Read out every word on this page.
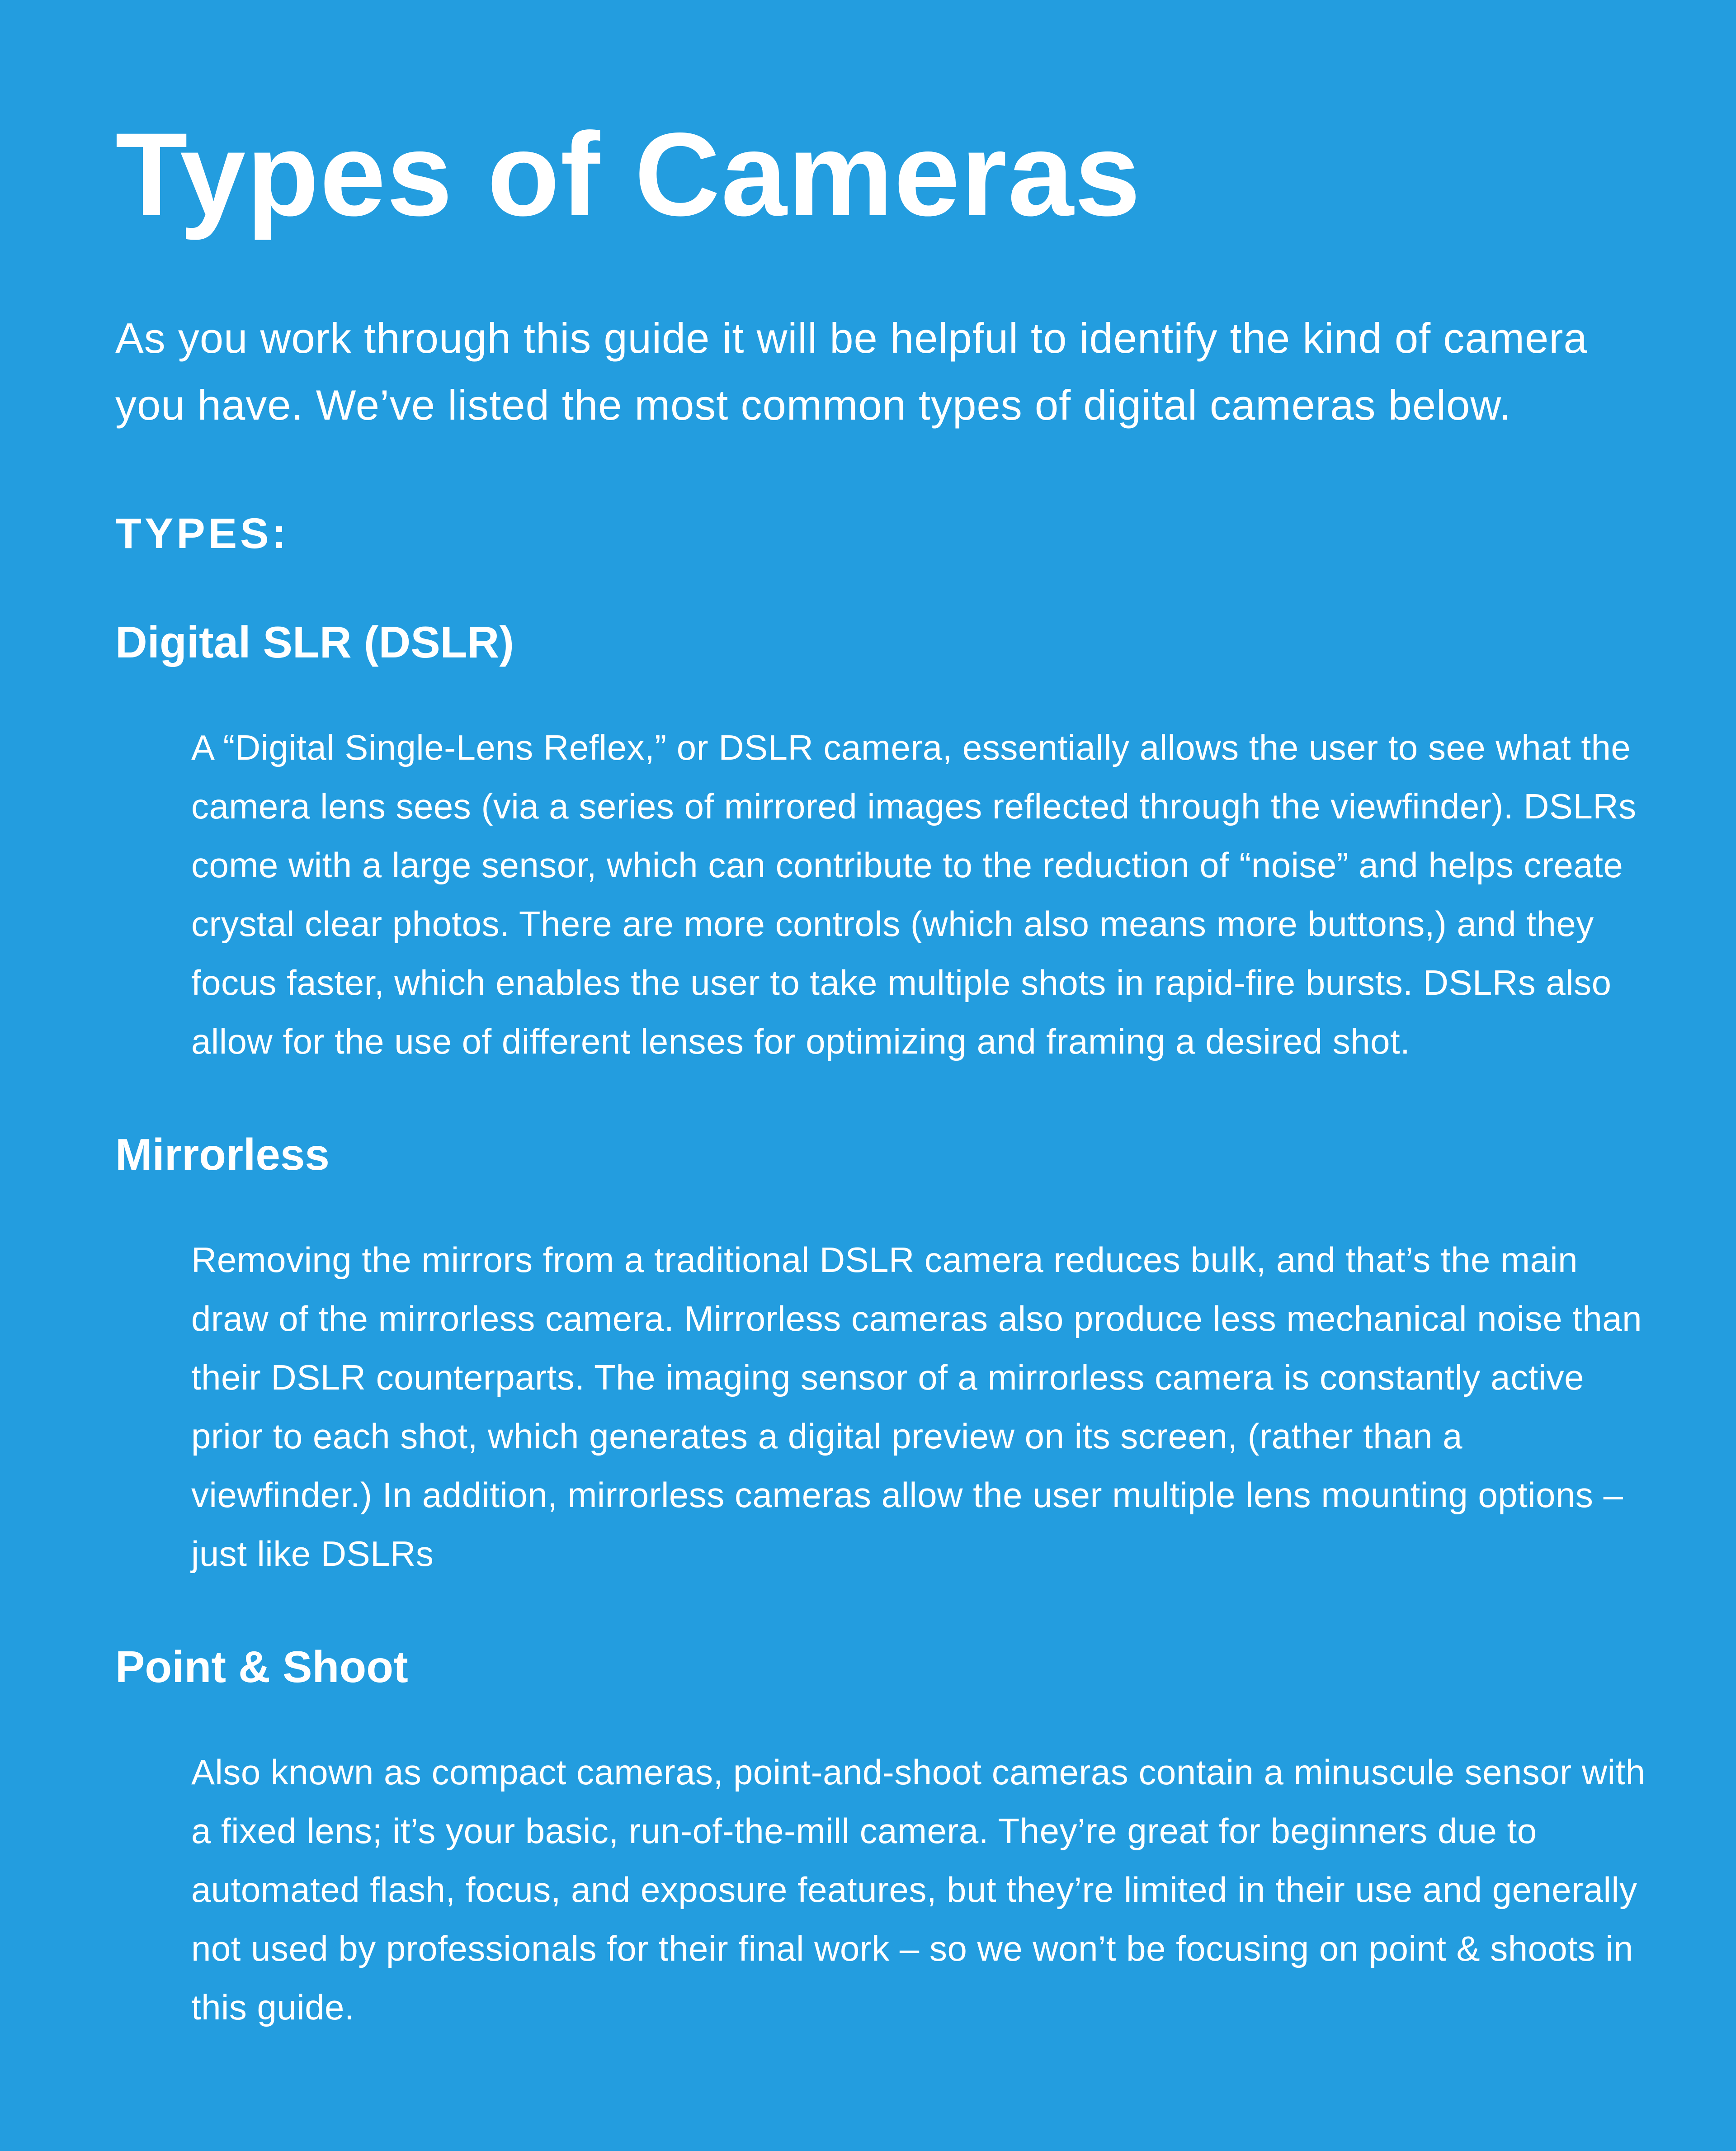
Types of Cameras

As you work through this guide it will be helpful to identify the kind of camera you have. We’ve listed the most common types of digital cameras below.

TYPES:
Digital SLR (DSLR)

A “Digital Single-Lens Reflex,” or DSLR camera, essentially allows the user to see what the camera lens sees (via a series of mirrored images reflected through the viewfinder). DSLRs come with a large sensor, which can contribute to the reduction of “noise” and helps create crystal clear photos. There are more controls (which also means more buttons,) and they focus faster, which enables the user to take multiple shots in rapid-fire bursts. DSLRs also allow for the use of different lenses for optimizing and framing a desired shot.

Mirrorless

Removing the mirrors from a traditional DSLR camera reduces bulk, and that’s the main draw of the mirrorless camera. Mirrorless cameras also produce less mechanical noise than their DSLR counterparts. The imaging sensor of a mirrorless camera is constantly active prior to each shot, which generates a digital preview on its screen, (rather than a viewfinder.) In addition, mirrorless cameras allow the user multiple lens mounting options – just like DSLRs

Point & Shoot

Also known as compact cameras, point-and-shoot cameras contain a minuscule sensor with a fixed lens; it’s your basic, run-of-the-mill camera. They’re great for beginners due to automated flash, focus, and exposure features, but they’re limited in their use and generally not used by professionals for their final work – so we won’t be focusing on point & shoots in this guide.
